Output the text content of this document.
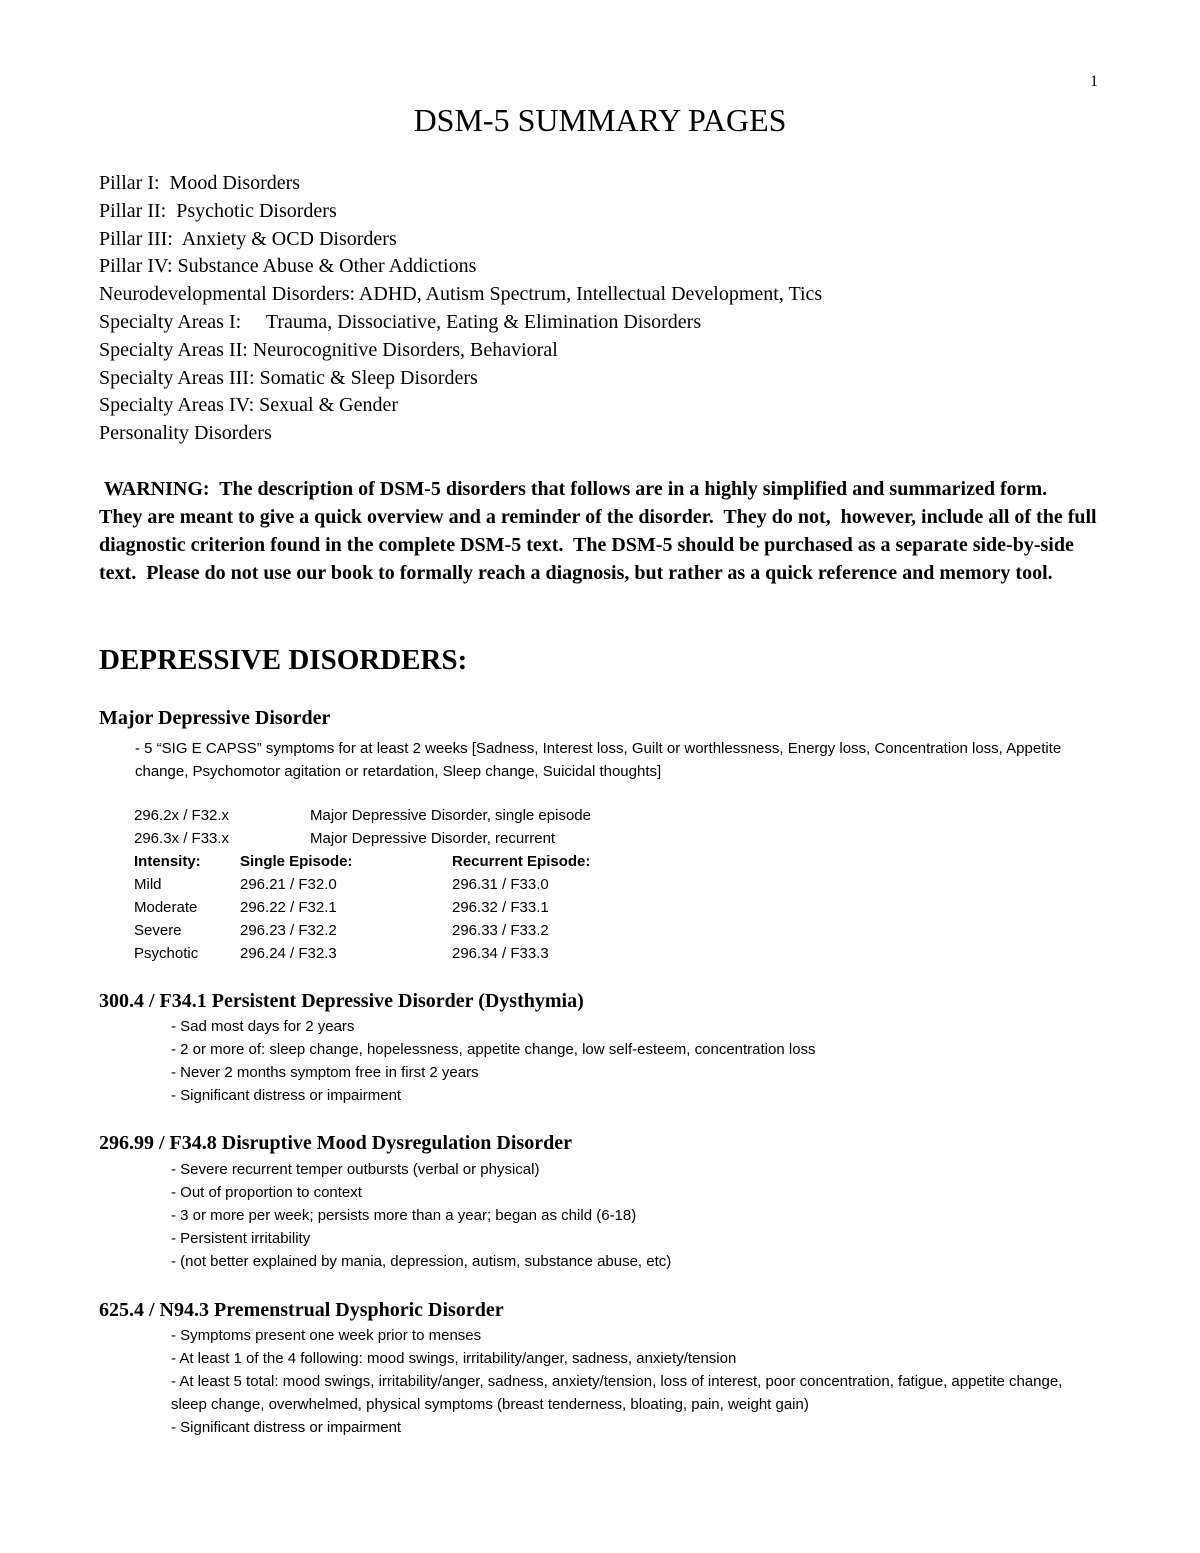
1
DSM-5 SUMMARY PAGES
Pillar I:  Mood Disorders
Pillar II:  Psychotic Disorders
Pillar III:  Anxiety & OCD Disorders
Pillar IV: Substance Abuse & Other Addictions
Neurodevelopmental Disorders: ADHD, Autism Spectrum, Intellectual Development, Tics
Specialty Areas I:     Trauma, Dissociative, Eating & Elimination Disorders
Specialty Areas II: Neurocognitive Disorders, Behavioral
Specialty Areas III: Somatic & Sleep Disorders
Specialty Areas IV: Sexual & Gender
Personality Disorders
WARNING:  The description of DSM-5 disorders that follows are in a highly simplified and summarized form.  They are meant to give a quick overview and a reminder of the disorder.  They do not,  however, include all of the full diagnostic criterion found in the complete DSM-5 text.  The DSM-5 should be purchased as a separate side-by-side text.  Please do not use our book to formally reach a diagnosis, but rather as a quick reference and memory tool.
DEPRESSIVE DISORDERS:
Major Depressive Disorder
- 5 “SIG E CAPSS” symptoms for at least 2 weeks [Sadness, Interest loss, Guilt or worthlessness, Energy loss, Concentration loss, Appetite change, Psychomotor agitation or retardation, Sleep change, Suicidal thoughts]
296.2x / F32.x	Major Depressive Disorder, single episode
296.3x / F33.x	Major Depressive Disorder, recurrent
Intensity:	Single Episode:	Recurrent Episode:
Mild	296.21 / F32.0	296.31 / F33.0
Moderate	296.22 / F32.1	296.32 / F33.1
Severe	296.23 / F32.2	296.33 / F33.2
Psychotic	296.24 / F32.3	296.34 / F33.3
300.4 / F34.1 Persistent Depressive Disorder (Dysthymia)
- Sad most days for 2 years
- 2 or more of: sleep change, hopelessness, appetite change, low self-esteem, concentration loss
- Never 2 months symptom free in first 2 years
- Significant distress or impairment
296.99 / F34.8 Disruptive Mood Dysregulation Disorder
- Severe recurrent temper outbursts (verbal or physical)
- Out of proportion to context
- 3 or more per week; persists more than a year; began as child (6-18)
- Persistent irritability
- (not better explained by mania, depression, autism, substance abuse, etc)
625.4 / N94.3 Premenstrual Dysphoric Disorder
- Symptoms present one week prior to menses
- At least 1 of the 4 following: mood swings, irritability/anger, sadness, anxiety/tension
- At least 5 total: mood swings, irritability/anger, sadness, anxiety/tension, loss of interest, poor concentration, fatigue, appetite change, sleep change, overwhelmed, physical symptoms (breast tenderness, bloating, pain, weight gain)
- Significant distress or impairment
